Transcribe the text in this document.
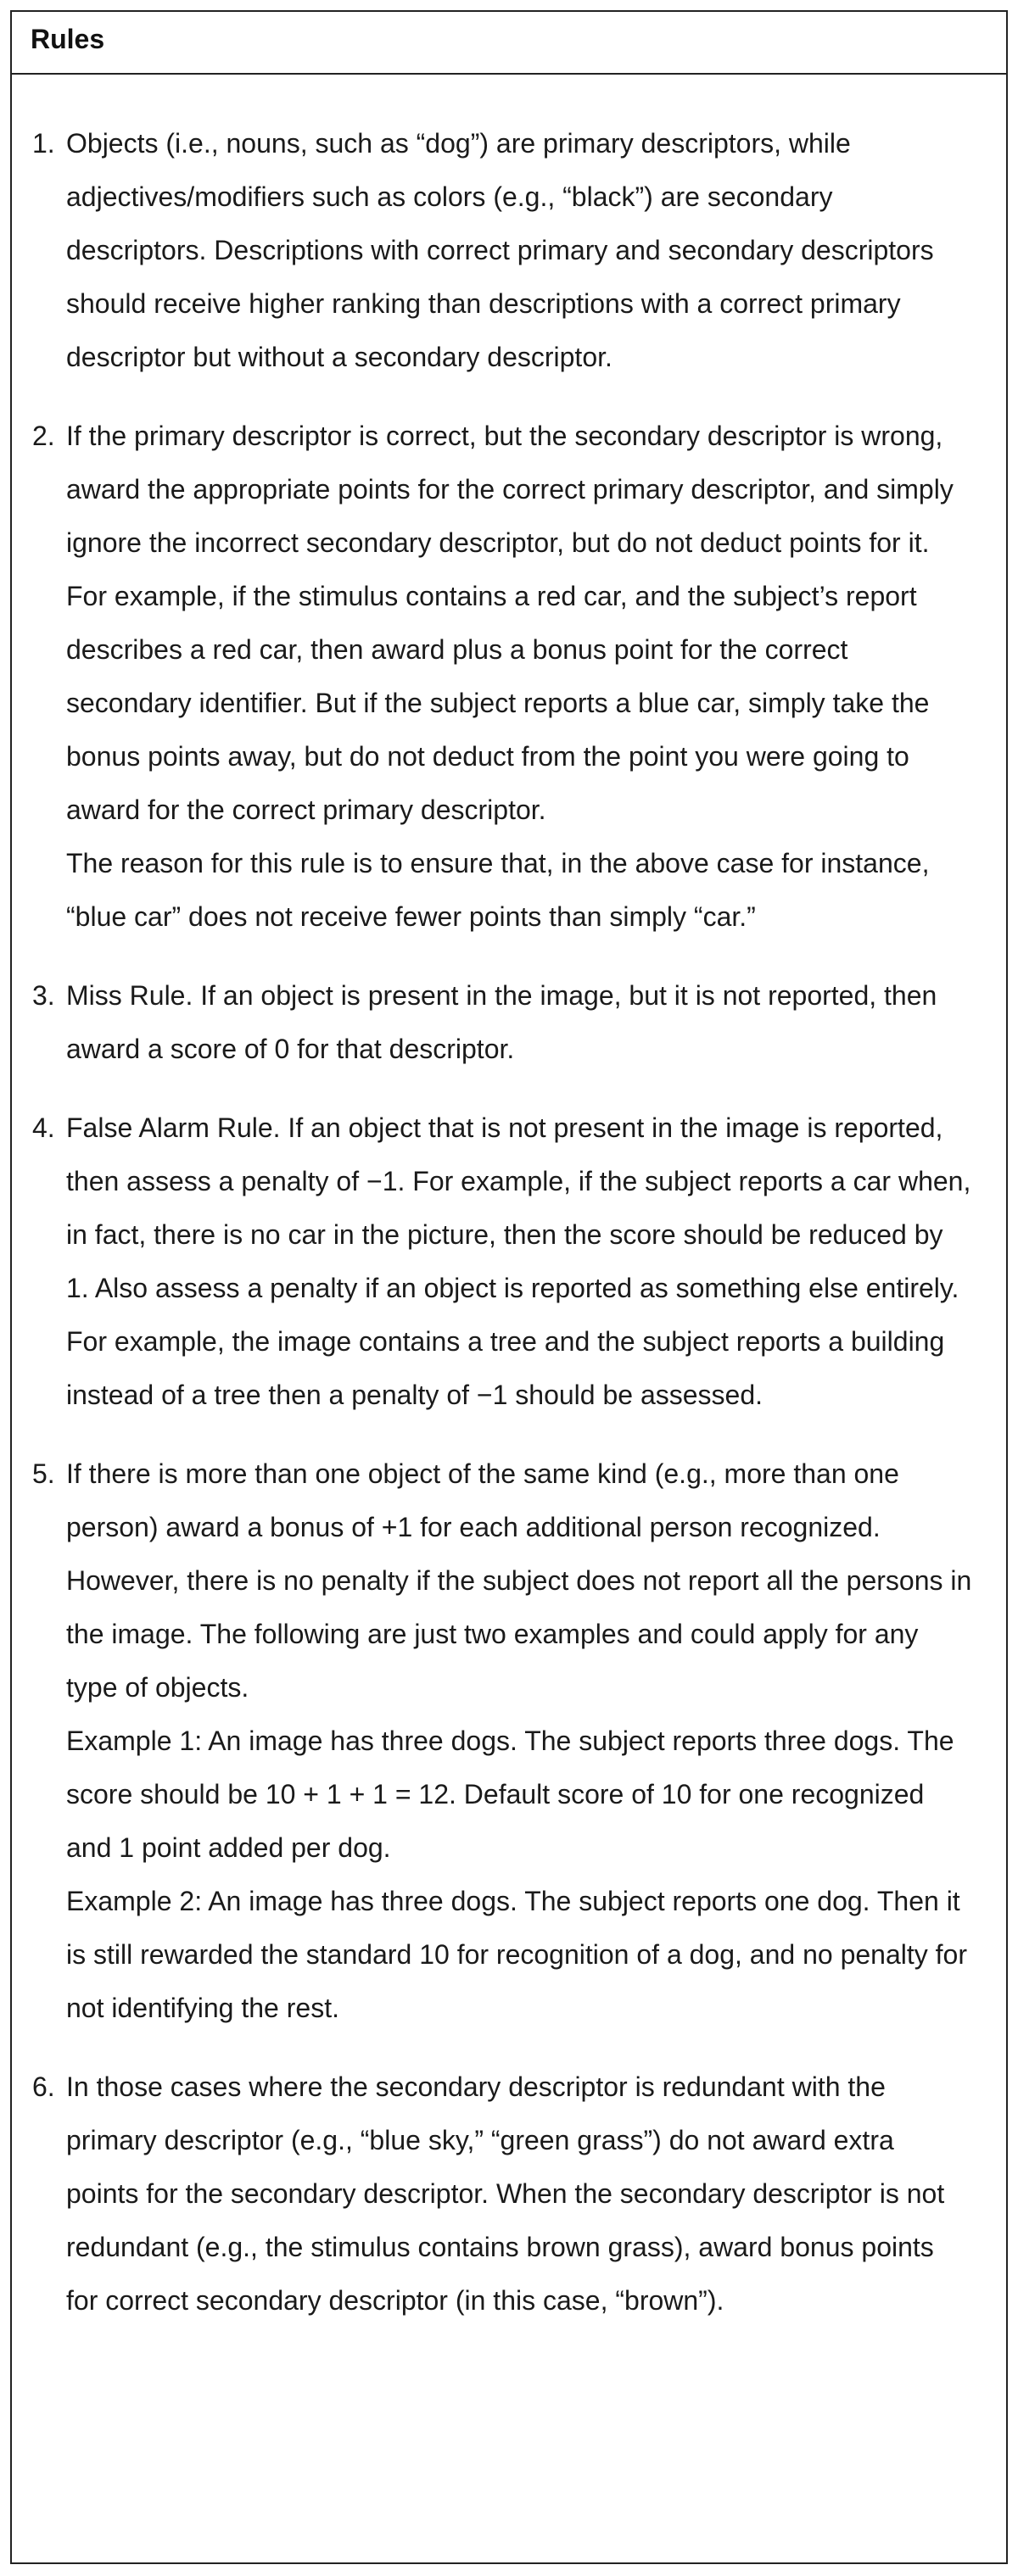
Rules
1. Objects (i.e., nouns, such as “dog”) are primary descriptors, while adjectives/modifiers such as colors (e.g., “black”) are secondary descriptors. Descriptions with correct primary and secondary descriptors should receive higher ranking than descriptions with a correct primary descriptor but without a secondary descriptor.

2. If the primary descriptor is correct, but the secondary descriptor is wrong, award the appropriate points for the correct primary descriptor, and simply ignore the incorrect secondary descriptor, but do not deduct points for it.

For example, if the stimulus contains a red car, and the subject’s report describes a red car, then award plus a bonus point for the correct secondary identifier. But if the subject reports a blue car, simply take the bonus points away, but do not deduct from the point you were going to award for the correct primary descriptor.

The reason for this rule is to ensure that, in the above case for instance, “blue car” does not receive fewer points than simply “car.”

3. Miss Rule. If an object is present in the image, but it is not reported, then award a score of 0 for that descriptor.

4. False Alarm Rule. If an object that is not present in the image is reported, then assess a penalty of −1. For example, if the subject reports a car when, in fact, there is no car in the picture, then the score should be reduced by 1. Also assess a penalty if an object is reported as something else entirely. For example, the image contains a tree and the subject reports a building instead of a tree then a penalty of −1 should be assessed.

5. If there is more than one object of the same kind (e.g., more than one person) award a bonus of +1 for each additional person recognized. However, there is no penalty if the subject does not report all the persons in the image. The following are just two examples and could apply for any type of objects.

Example 1: An image has three dogs. The subject reports three dogs. The score should be 10 + 1 + 1 = 12. Default score of 10 for one recognized and 1 point added per dog.

Example 2: An image has three dogs. The subject reports one dog. Then it is still rewarded the standard 10 for recognition of a dog, and no penalty for not identifying the rest.

6. In those cases where the secondary descriptor is redundant with the primary descriptor (e.g., “blue sky,” “green grass”) do not award extra points for the secondary descriptor. When the secondary descriptor is not redundant (e.g., the stimulus contains brown grass), award bonus points for correct secondary descriptor (in this case, “brown”).
